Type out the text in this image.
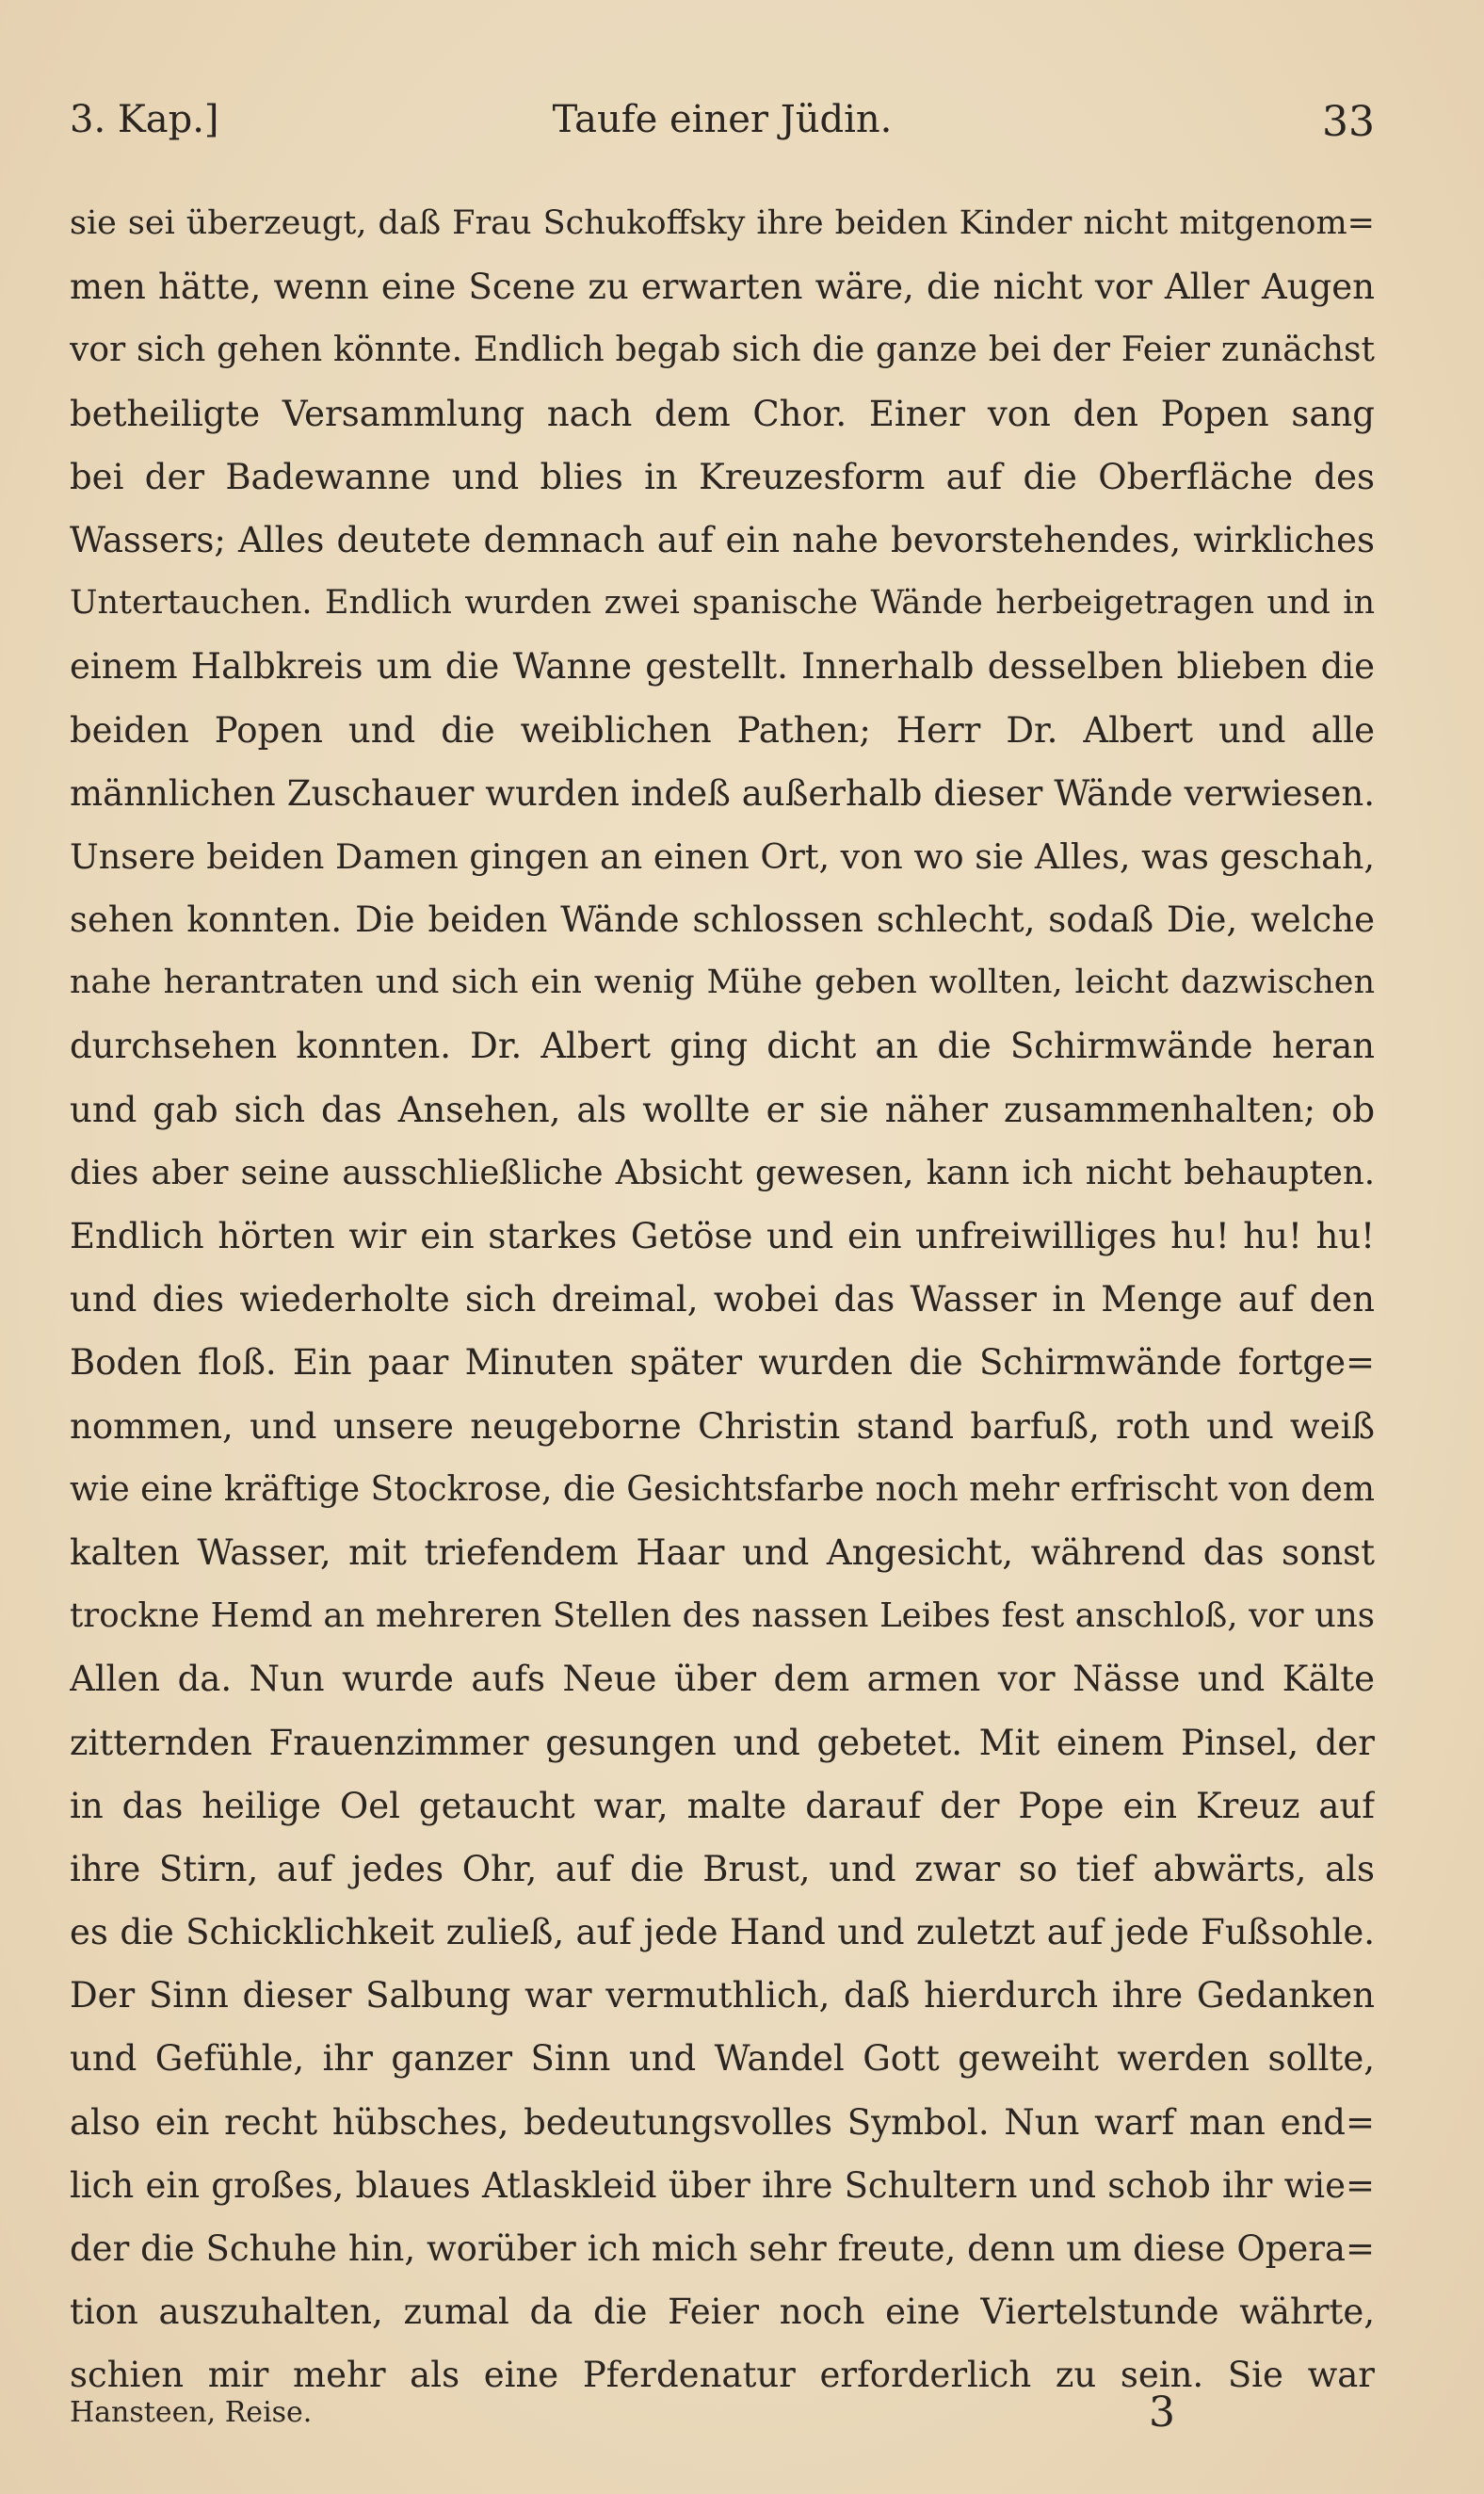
3. Kap.]	Taufe einer Jüdin.	33
sie sei überzeugt, daß Frau Schukoffsky ihre beiden Kinder nicht mitgenom=
men hätte, wenn eine Scene zu erwarten wäre, die nicht vor Aller Augen
vor sich gehen könnte. Endlich begab sich die ganze bei der Feier zunächst
betheiligte Versammlung nach dem Chor. Einer von den Popen sang
bei der Badewanne und blies in Kreuzesform auf die Oberfläche des
Wassers; Alles deutete demnach auf ein nahe bevorstehendes, wirkliches
Untertauchen. Endlich wurden zwei spanische Wände herbeigetragen und in
einem Halbkreis um die Wanne gestellt. Innerhalb desselben blieben die
beiden Popen und die weiblichen Pathen; Herr Dr. Albert und alle
männlichen Zuschauer wurden indeß außerhalb dieser Wände verwiesen.
Unsere beiden Damen gingen an einen Ort, von wo sie Alles, was geschah,
sehen konnten. Die beiden Wände schlossen schlecht, sodaß Die, welche
nahe herantraten und sich ein wenig Mühe geben wollten, leicht dazwischen
durchsehen konnten. Dr. Albert ging dicht an die Schirmwände heran
und gab sich das Ansehen, als wollte er sie näher zusammenhalten; ob
dies aber seine ausschließliche Absicht gewesen, kann ich nicht behaupten.
Endlich hörten wir ein starkes Getöse und ein unfreiwilliges hu! hu! hu!
und dies wiederholte sich dreimal, wobei das Wasser in Menge auf den
Boden floß. Ein paar Minuten später wurden die Schirmwände fortge=
nommen, und unsere neugeborne Christin stand barfuß, roth und weiß
wie eine kräftige Stockrose, die Gesichtsfarbe noch mehr erfrischt von dem
kalten Wasser, mit triefendem Haar und Angesicht, während das sonst
trockne Hemd an mehreren Stellen des nassen Leibes fest anschloß, vor uns
Allen da. Nun wurde aufs Neue über dem armen vor Nässe und Kälte
zitternden Frauenzimmer gesungen und gebetet. Mit einem Pinsel, der
in das heilige Oel getaucht war, malte darauf der Pope ein Kreuz auf
ihre Stirn, auf jedes Ohr, auf die Brust, und zwar so tief abwärts, als
es die Schicklichkeit zuließ, auf jede Hand und zuletzt auf jede Fußsohle.
Der Sinn dieser Salbung war vermuthlich, daß hierdurch ihre Gedanken
und Gefühle, ihr ganzer Sinn und Wandel Gott geweiht werden sollte,
also ein recht hübsches, bedeutungsvolles Symbol. Nun warf man end=
lich ein großes, blaues Atlaskleid über ihre Schultern und schob ihr wie=
der die Schuhe hin, worüber ich mich sehr freute, denn um diese Opera=
tion auszuhalten, zumal da die Feier noch eine Viertelstunde währte,
schien mir mehr als eine Pferdenatur erforderlich zu sein. Sie war
Hansteen, Reise.	3
